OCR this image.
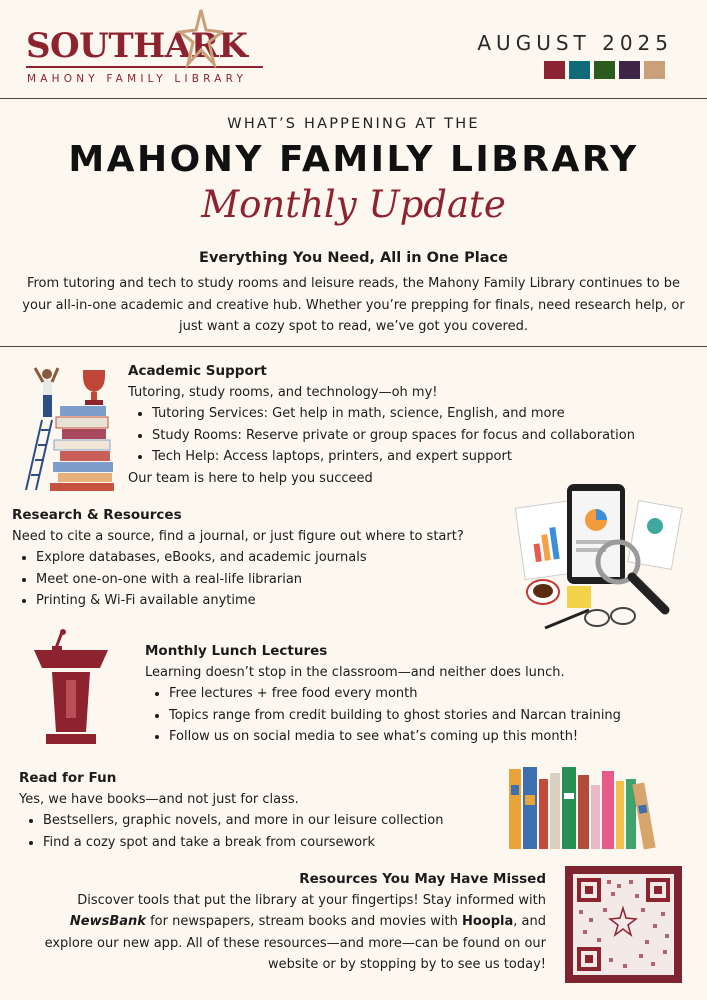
SOUTHARK
MAHONY FAMILY LIBRARY
AUGUST 2025
WHAT’S HAPPENING AT THE
MAHONY FAMILY LIBRARY
Monthly Update
Everything You Need, All in One Place
From tutoring and tech to study rooms and leisure reads, the Mahony Family Library continues to be your all-in-one academic and creative hub. Whether you’re prepping for finals, need research help, or just want a cozy spot to read, we’ve got you covered.
Academic Support

Tutoring, study rooms, and technology—oh my!

• Tutoring Services: Get help in math, science, English, and more
• Study Rooms: Reserve private or group spaces for focus and collaboration
• Tech Help: Access laptops, printers, and expert support

Our team is here to help you succeed

Research & Resources

Need to cite a source, find a journal, or just figure out where to start?

• Explore databases, eBooks, and academic journals
• Meet one-on-one with a real-life librarian
• Printing & Wi-Fi available anytime
Monthly Lunch Lectures

Learning doesn’t stop in the classroom—and neither does lunch.

• Free lectures + free food every month
• Topics range from credit building to ghost stories and Narcan training
• Follow us on social media to see what’s coming up this month!
Read for Fun

Yes, we have books—and not just for class.

• Bestsellers, graphic novels, and more in our leisure collection
• Find a cozy spot and take a break from coursework
Resources You May Have Missed

Discover tools that put the library at your fingertips! Stay informed with NewsBank for newspapers, stream books and movies with Hoopla, and explore our new app. All of these resources—and more—can be found on our website or by stopping by to see us today!
